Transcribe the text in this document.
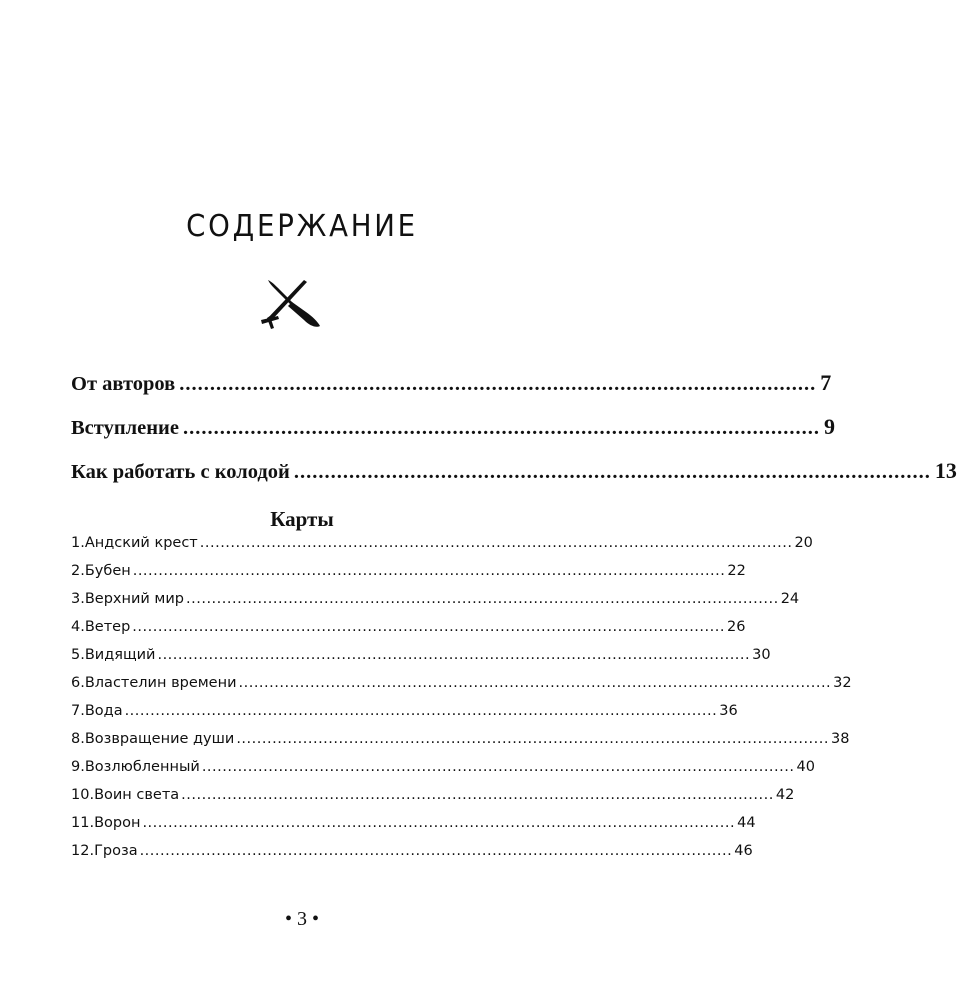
СОДЕРЖАНИЕ
От авторов ........................................................................................................ 7
Вступление ........................................................................................................ 9
Как работать с колодой ........................................................................................................ 13
Карты
1. Андский крест .................................................................................................................... 20
2. Бубен .................................................................................................................... 22
3. Верхний мир .................................................................................................................... 24
4. Ветер .................................................................................................................... 26
5. Видящий .................................................................................................................... 30
6. Властелин времени .................................................................................................................... 32
7. Вода .................................................................................................................... 36
8. Возвращение души .................................................................................................................... 38
9. Возлюбленный .................................................................................................................... 40
10. Воин света .................................................................................................................... 42
11. Ворон .................................................................................................................... 44
12. Гроза .................................................................................................................... 46
• 3 •
